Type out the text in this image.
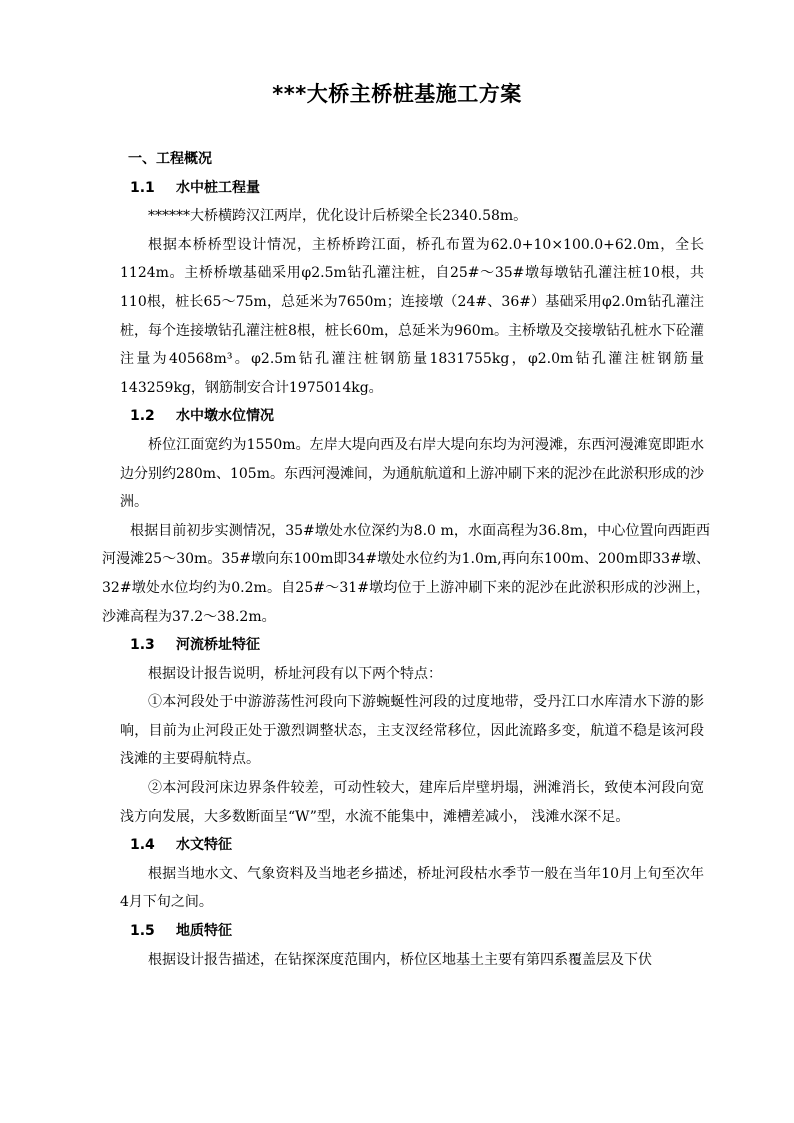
***大桥主桥桩基施工方案
一、工程概况
1.1 水中桩工程量

******大桥横跨汉江两岸，优化设计后桥梁全长2340.58m。

根据本桥桥型设计情况，主桥桥跨江面，桥孔布置为62.0+10×100.0+62.0m，全长1124m。主桥桥墩基础采用φ2.5m钻孔灌注桩，自25#～35#墩每墩钻孔灌注桩10根，共110根，桩长65～75m，总延米为7650m；连接墩（24#、36#）基础采用φ2.0m钻孔灌注桩，每个连接墩钻孔灌注桩8根，桩长60m，总延米为960m。主桥墩及交接墩钻孔桩水下砼灌注量为40568m³。φ2.5m钻孔灌注桩钢筋量1831755kg，φ2.0m钻孔灌注桩钢筋量143259kg，钢筋制安合计1975014kg。

1.2 水中墩水位情况

桥位江面宽约为1550m。左岸大堤向西及右岸大堤向东均为河漫滩，东西河漫滩宽即距水边分别约280m、105m。东西河漫滩间，为通航航道和上游冲刷下来的泥沙在此淤积形成的沙洲。

根据目前初步实测情况，35#墩处水位深约为8.0 m，水面高程为36.8m，中心位置向西距西河漫滩25～30m。35#墩向东100m即34#墩处水位约为1.0m,再向东100m、200m即33#墩、32#墩处水位均约为0.2m。自25#～31#墩均位于上游冲刷下来的泥沙在此淤积形成的沙洲上，沙滩高程为37.2～38.2m。

1.3 河流桥址特征

根据设计报告说明，桥址河段有以下两个特点：

①本河段处于中游游荡性河段向下游蜿蜒性河段的过度地带，受丹江口水库清水下游的影响，目前为止河段正处于激烈调整状态，主支汊经常移位，因此流路多变，航道不稳是该河段浅滩的主要碍航特点。

②本河段河床边界条件较差，可动性较大，建库后岸壁坍塌，洲滩消长，致使本河段向宽浅方向发展，大多数断面呈“W”型，水流不能集中，滩槽差减小， 浅滩水深不足。

1.4 水文特征

根据当地水文、气象资料及当地老乡描述，桥址河段枯水季节一般在当年10月上旬至次年4月下旬之间。

1.5 地质特征

根据设计报告描述，在钻探深度范围内，桥位区地基土主要有第四系覆盖层及下伏
